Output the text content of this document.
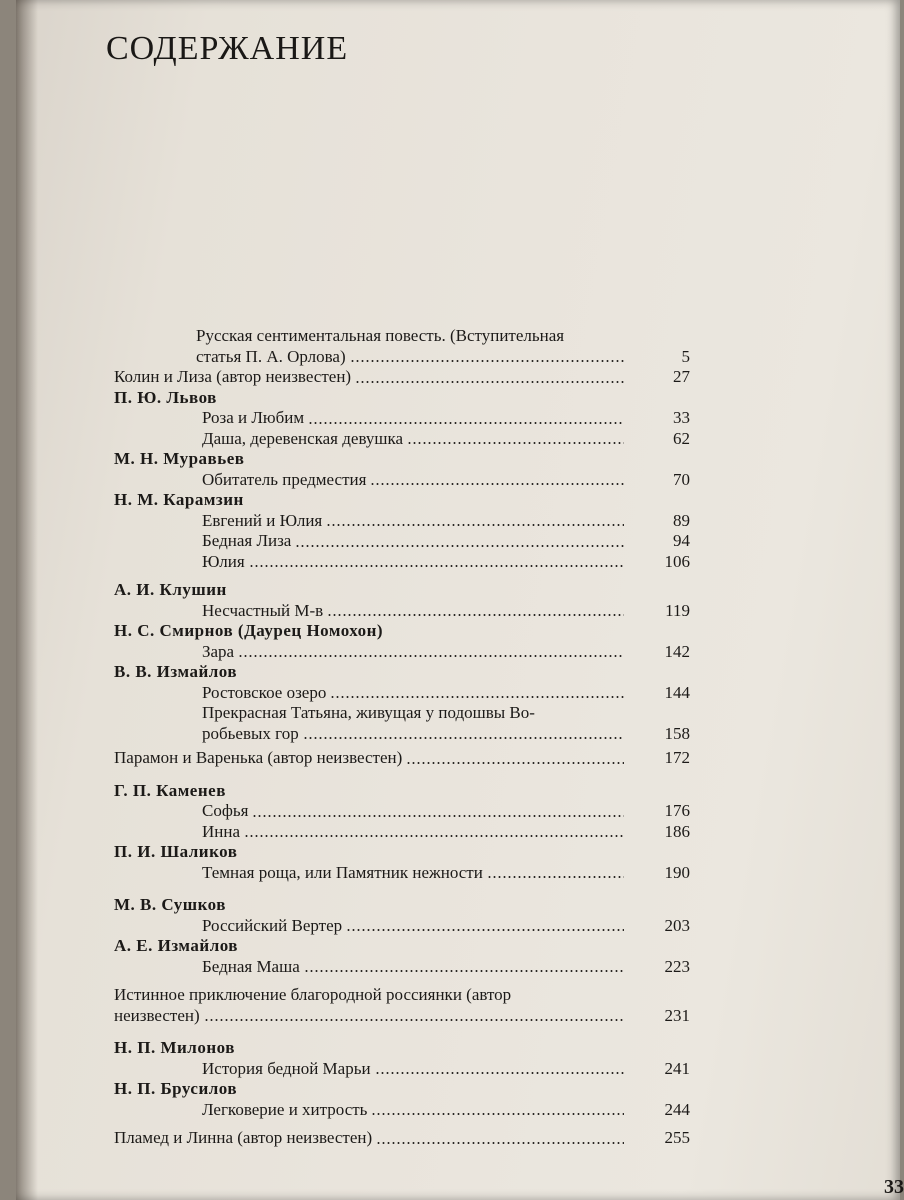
СОДЕРЖАНИЕ
Русская сентиментальная повесть. (Вступительная
статья П. А. Орлова)	5
Колин и Лиза (автор неизвестен)	27
П. Ю. Львов
Роза и Любим	33
Даша, деревенская девушка	62
М. Н. Муравьев
Обитатель предместия	70
Н. М. Карамзин
Евгений и Юлия	89
Бедная Лиза	94
Юлия	106
А. И. Клушин
Несчастный М-в	119
Н. С. Смирнов (Даурец Номохон)
Зара	142
В. В. Измайлов
Ростовское озеро	144
Прекрасная Татьяна, живущая у подошвы Во-
робьевых гор	158
Парамон и Варенька (автор неизвестен)	172
Г. П. Каменев
Софья	176
Инна	186
П. И. Шаликов
Темная роща, или Памятник нежности	190
М. В. Сушков
Российский Вертер	203
А. Е. Измайлов
Бедная Маша	223
Истинное приключение благородной россиянки (автор
неизвестен)	231
Н. П. Милонов
История бедной Марьи	241
Н. П. Брусилов
Легковерие и хитрость	244
Пламед и Линна (автор неизвестен)	255
33
